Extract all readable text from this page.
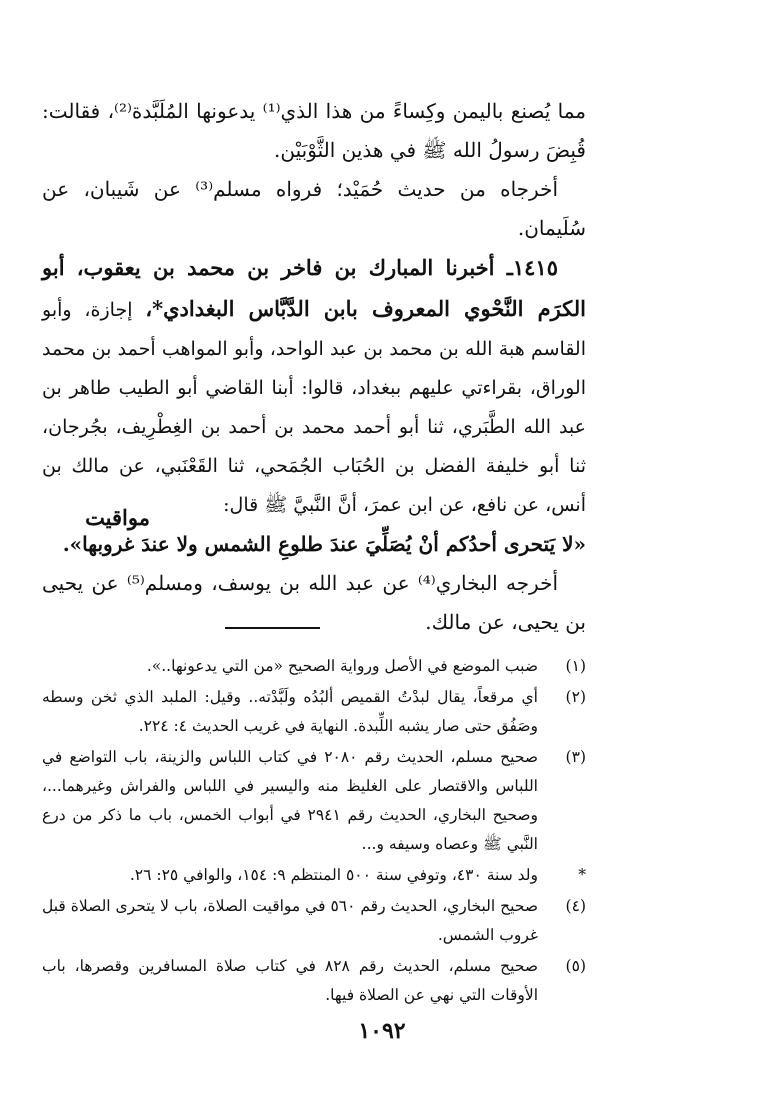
مما يُصنع باليمن وكِساءً من هذا الذي⁽¹⁾ يدعونها المُلَبَّدة⁽²⁾، فقالت: قُبِضَ رسولُ الله ﷺ في هذين الثَّوْبَيْن.

أخرجاه من حديث حُمَيْد؛ فرواه مسلم⁽³⁾ عن شَيبان، عن سُلَيمان.

١٤١٥ـ أخبرنا المبارك بن فاخر بن محمد بن يعقوب، أبو الكرَم النَّحْوي المعروف بابن الدَّبَّاس البغدادي*، إجازة، وأبو القاسم هبة الله بن محمد بن عبد الواحد، وأبو المواهب أحمد بن محمد الوراق، بقراءتي عليهم ببغداد، قالوا: أبنا القاضي أبو الطيب طاهر بن عبد الله الطَّبَري، ثنا أبو أحمد محمد بن أحمد بن الغِطْرِيف، بجُرجان، ثنا أبو خليفة الفضل بن الحُبَاب الجُمَحي، ثنا القَعْنَبي، عن مالك بن أنس، عن نافع، عن ابن عمرَ، أنَّ النَّبيَّ ﷺ قال:

«لا يَتحرى أحدُكم أنْ يُصَلِّيَ عندَ طلوعِ الشمس ولا عندَ غروبها».

أخرجه البخاري⁽⁴⁾ عن عبد الله بن يوسف، ومسلم⁽⁵⁾ عن يحيى بن يحيى، عن مالك.

مواقيت
(١)
ضبب الموضع في الأصل ورواية الصحيح «من التي يدعونها..».
(٢)
أي مرقعاً، يقال لبدْتُ القميص ألبُدُه ولَبَّدْته.. وقيل: الملبد الذي ثخن وسطه وصَفُق حتى صار يشبه اللِّبدة. النهاية في غريب الحديث ٤: ٢٢٤.
(٣)
صحيح مسلم، الحديث رقم ٢٠٨٠ في كتاب اللباس والزينة، باب التواضع في اللباس والاقتصار على الغليظ منه واليسير في اللباس والفراش وغيرهما...، وصحيح البخاري، الحديث رقم ٢٩٤١ في أبواب الخمس، باب ما ذكر من درع النَّبي ﷺ وعصاه وسيفه و...
*
ولد سنة ٤٣٠، وتوفي سنة ٥٠٠ المنتظم ٩: ١٥٤، والوافي ٢٥: ٢٦.
(٤)
صحيح البخاري، الحديث رقم ٥٦٠ في مواقيت الصلاة، باب لا يتحرى الصلاة قبل غروب الشمس.
(٥)
صحيح مسلم، الحديث رقم ٨٢٨ في كتاب صلاة المسافرين وقصرها، باب الأوقات التي نهي عن الصلاة فيها.
١٠٩٢
